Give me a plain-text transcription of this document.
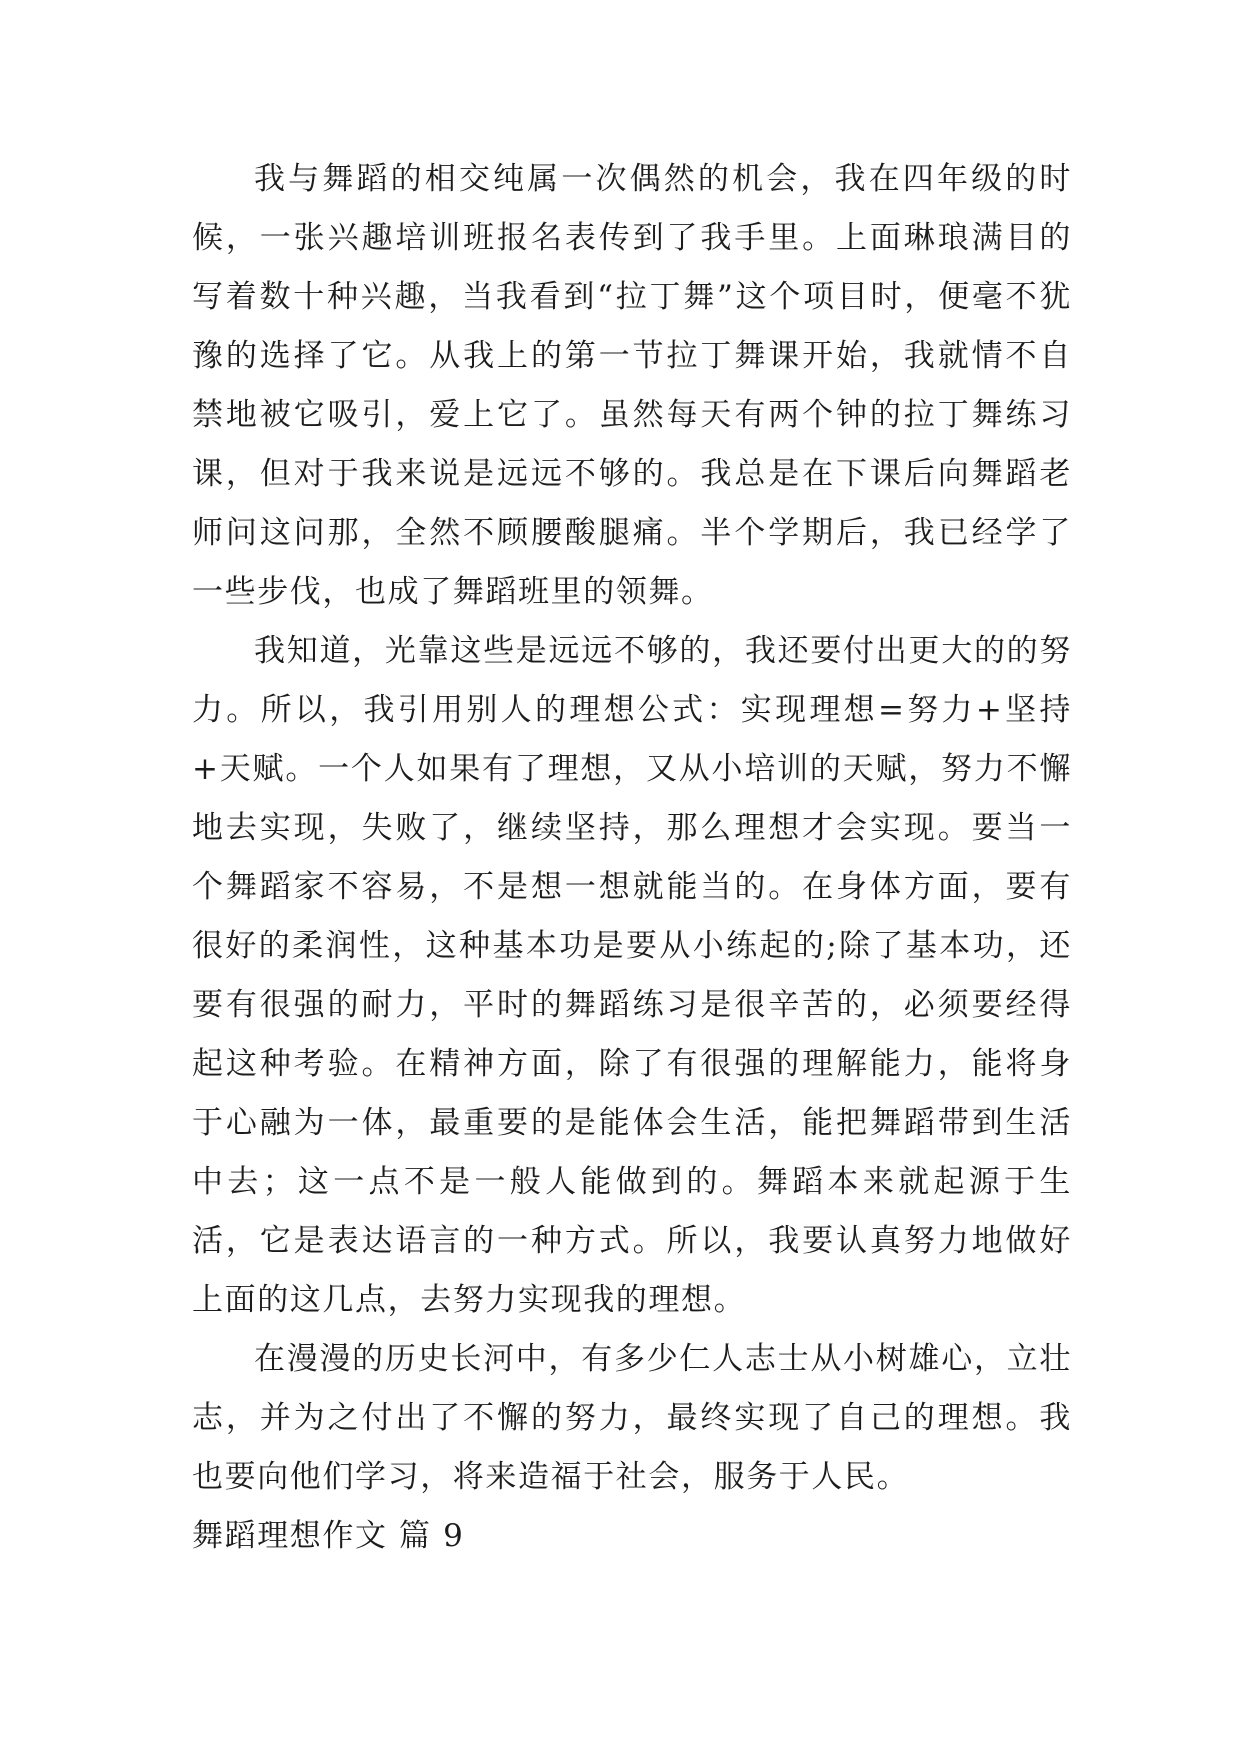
我与舞蹈的相交纯属一次偶然的机会，我在四年级的时候，一张兴趣培训班报名表传到了我手里。上面琳琅满目的写着数十种兴趣，当我看到“拉丁舞”这个项目时，便毫不犹豫的选择了它。从我上的第一节拉丁舞课开始，我就情不自禁地被它吸引，爱上它了。虽然每天有两个钟的拉丁舞练习课，但对于我来说是远远不够的。我总是在下课后向舞蹈老师问这问那，全然不顾腰酸腿痛。半个学期后，我已经学了一些步伐，也成了舞蹈班里的领舞。

我知道，光靠这些是远远不够的，我还要付出更大的的努力。所以，我引用别人的理想公式：实现理想=努力+坚持+天赋。一个人如果有了理想，又从小培训的天赋，努力不懈地去实现，失败了，继续坚持，那么理想才会实现。要当一个舞蹈家不容易，不是想一想就能当的。在身体方面，要有很好的柔润性，这种基本功是要从小练起的;除了基本功，还要有很强的耐力，平时的舞蹈练习是很辛苦的，必须要经得起这种考验。在精神方面，除了有很强的理解能力，能将身于心融为一体，最重要的是能体会生活，能把舞蹈带到生活中去；这一点不是一般人能做到的。舞蹈本来就起源于生活，它是表达语言的一种方式。所以，我要认真努力地做好上面的这几点，去努力实现我的理想。

在漫漫的历史长河中，有多少仁人志士从小树雄心，立壮志，并为之付出了不懈的努力，最终实现了自己的理想。我也要向他们学习，将来造福于社会，服务于人民。

舞蹈理想作文 篇 9
